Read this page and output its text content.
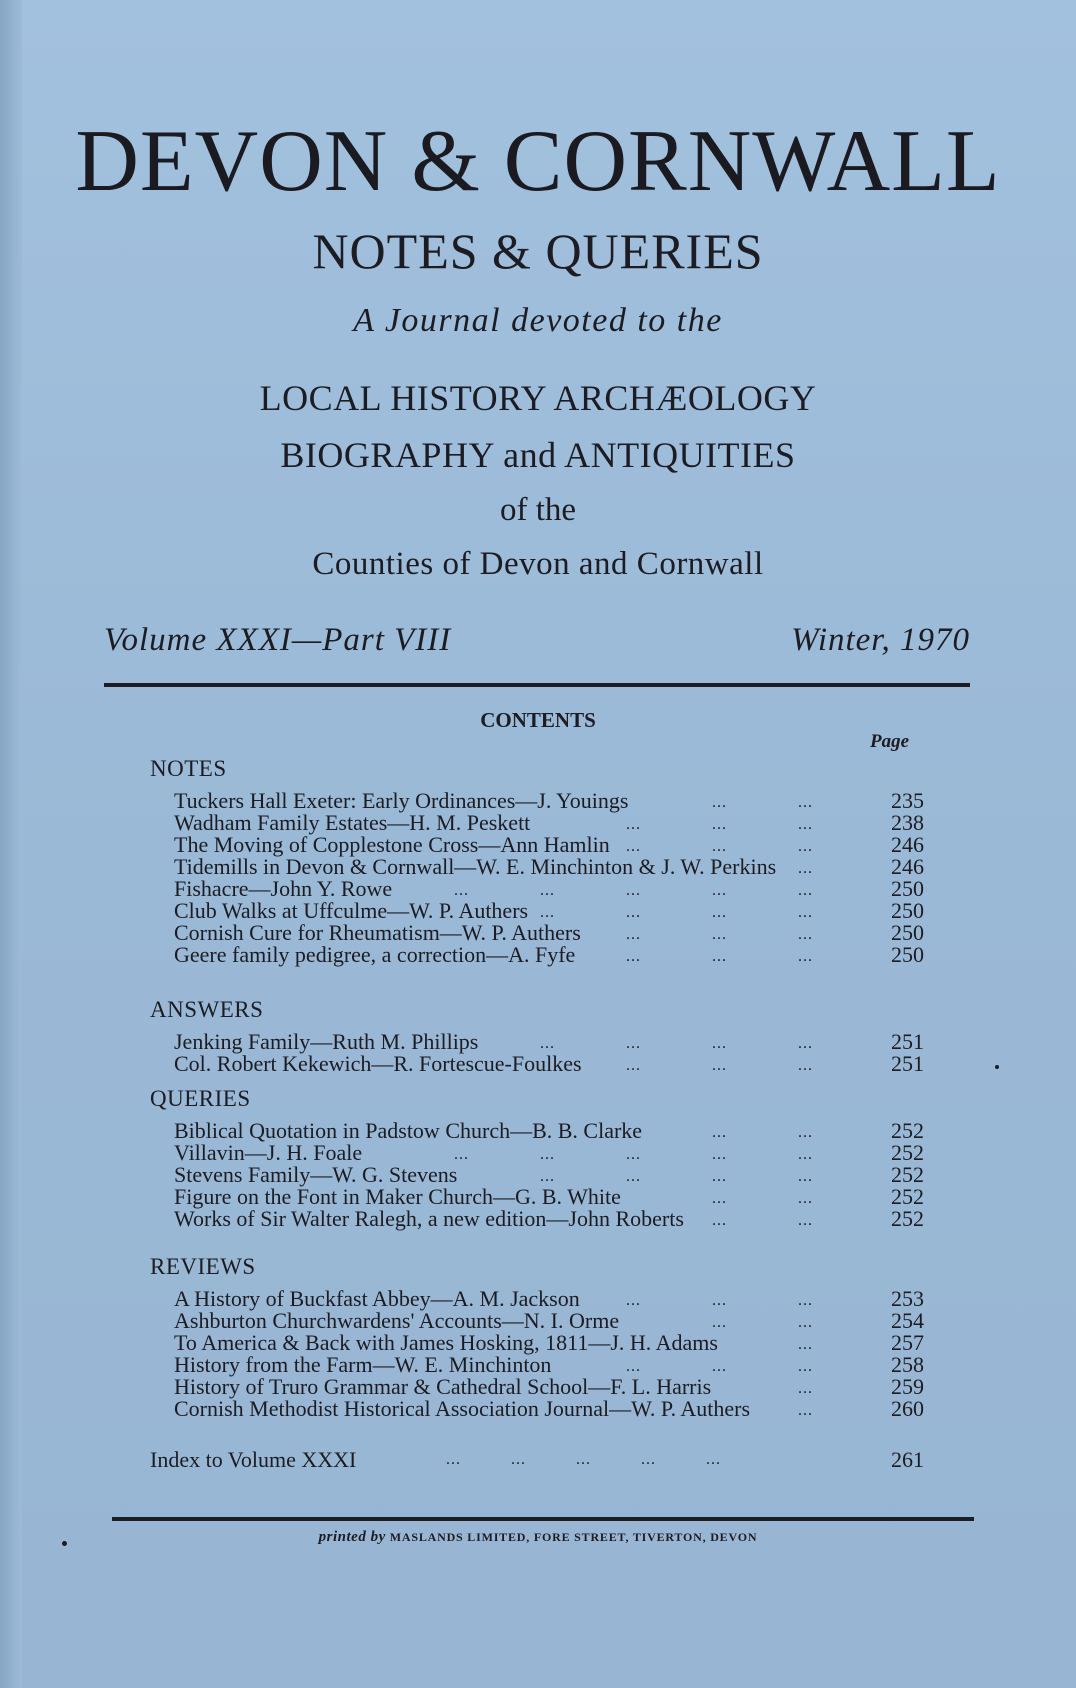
DEVON & CORNWALL
NOTES & QUERIES
A Journal devoted to the
LOCAL HISTORY ARCHÆOLOGY
BIOGRAPHY and ANTIQUITIES
of the
Counties of Devon and Cornwall
Volume XXXI—Part VIII	Winter, 1970
CONTENTS
Page
NOTES
Tuckers Hall Exeter: Early Ordinances—J. Youings	...	...	235
Wadham Family Estates—H. M. Peskett	...	...	...	238
The Moving of Copplestone Cross—Ann Hamlin ...	...	...	246
Tidemills in Devon & Cornwall—W. E. Minchinton & J. W. Perkins ...	246
Fishacre—John Y. Rowe	...	...	...	...	...	250
Club Walks at Uffculme—W. P. Authers ...	...	...	...	250
Cornish Cure for Rheumatism—W. P. Authers	...	...	...	250
Geere family pedigree, a correction—A. Fyfe	...	...	...	250
ANSWERS
Jenking Family—Ruth M. Phillips	...	...	...	...	251
Col. Robert Kekewich—R. Fortescue-Foulkes	...	...	...	251
QUERIES
Biblical Quotation in Padstow Church—B. B. Clarke	...	...	252
Villavin—J. H. Foale	...	...	...	...	...	252
Stevens Family—W. G. Stevens	...	...	...	...	252
Figure on the Font in Maker Church—G. B. White	...	...	252
Works of Sir Walter Ralegh, a new edition—John Roberts ...	...	252
REVIEWS
A History of Buckfast Abbey—A. M. Jackson	...	...	...	253
Ashburton Churchwardens' Accounts—N. I. Orme	...	...	254
To America & Back with James Hosking, 1811—J. H. Adams	...	257
History from the Farm—W. E. Minchinton	...	...	...	258
History of Truro Grammar & Cathedral School—F. L. Harris	...	259
Cornish Methodist Historical Association Journal—W. P. Authers	...	260
Index to Volume XXXI	...          ...          ...          ...          ...	261
printed by MASLANDS LIMITED, FORE STREET, TIVERTON, DEVON
